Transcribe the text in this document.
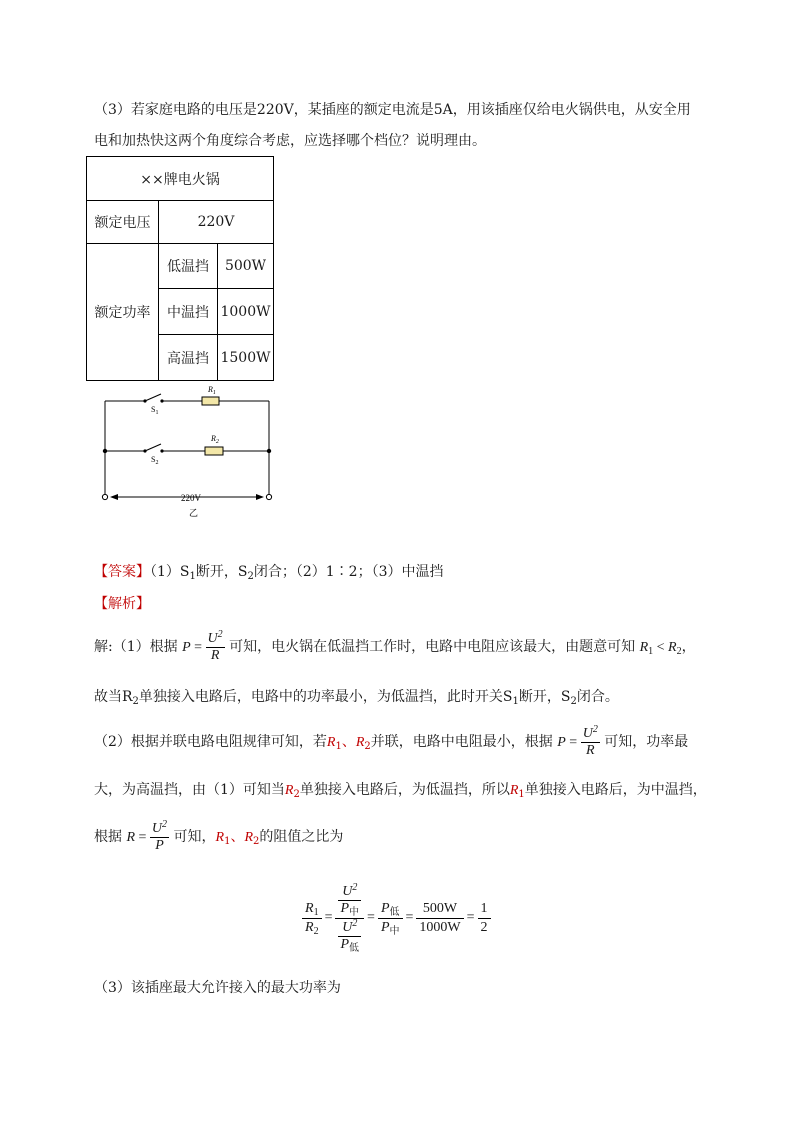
（3）若家庭电路的电压是220V，某插座的额定电流是5A，用该插座仅给电火锅供电，从安全用
电和加热快这两个角度综合考虑，应选择哪个档位？说明理由。
××牌电火锅		
额定电压	220V	
额定功率	低温挡	500W
	中温挡	1000W
	高温挡	1500W
$R_1$
$R_2$
$S_1$
$S_2$
220V
乙
【答案】$(1)S_1$断开，$S_2$闭合；（2）1∶2；（3）中温挡
【解析】
解:（1）根据 $P = \frac{U^2}{R}$ 可知，电火锅在低温挡工作时，电路中电阻应该最大，由题意可知 $R_1 < R_2$，
故当$R_2$单独接入电路后，电路中的功率最小，为低温挡，此时开关$S_1$断开，$S_2$闭合。
（2）根据并联电路电阻规律可知，若$R_1$、$R_2$并联，电路中电阻最小，根据 $P = \frac{U^2}{R}$ 可知，功率最
大，为高温挡，由（1）可知当$R_2$单独接入电路后，为低温挡，所以$R_1$单独接入电路后，为中温挡，
根据 $R = \frac{U^2}{P}$ 可知，$R_1$、$R_2$的阻值之比为
$\frac{R_1}{R_2} = \frac{\frac{U^2}{P_中}}{\frac{U^2}{P_低}} = \frac{P_低}{P_中} = \frac{500W}{1000W} = \frac{1}{2}$
（3）该插座最大允许接入的最大功率为
